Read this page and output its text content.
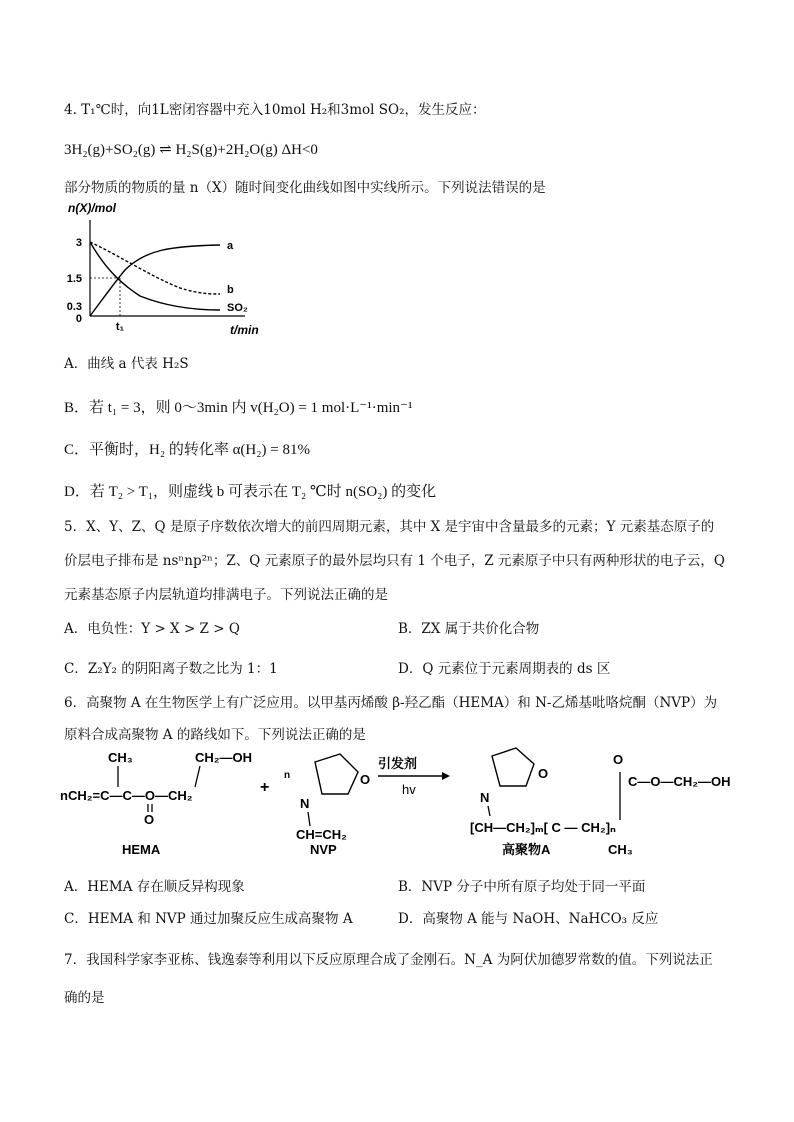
4. T₁℃时，向1L密闭容器中充入10mol H₂和3mol SO₂，发生反应：
3H₂(g)+SO₂(g) ⇌ H₂S(g)+2H₂O(g) ΔH<0
部分物质的物质的量 n（X）随时间变化曲线如图中实线所示。下列说法错误的是
n(X)/mol
3
1.5
0.3
0
t₁	t/min
a
b
SO₂
A．曲线 a 代表 H₂S
B．若 t₁ = 3，则 0～3min 内 v(H₂O) = 1 mol·L⁻¹·min⁻¹
C．平衡时，H₂ 的转化率 α(H₂) = 81%
D．若 T₂ > T₁，则虚线 b 可表示在 T₂ ℃时 n(SO₂) 的变化
5．X、Y、Z、Q 是原子序数依次增大的前四周期元素，其中 X 是宇宙中含量最多的元素；Y 元素基态原子的
价层电子排布是 nsⁿnp²ⁿ；Z、Q 元素原子的最外层均只有 1 个电子，Z 元素原子中只有两种形状的电子云，Q
元素基态原子内层轨道均排满电子。下列说法正确的是
A．电负性：Y > X > Z > Q	B．ZX 属于共价化合物
C．Z₂Y₂ 的阴阳离子数之比为 1：1	D．Q 元素位于元素周期表的 ds 区
6．高聚物 A 在生物医学上有广泛应用。以甲基丙烯酸 β-羟乙酯（HEMA）和 N-乙烯基吡咯烷酮（NVP）为
原料合成高聚物 A 的路线如下。下列说法正确的是
nCH₂=C—C—O—CH₂
CH₃
O
CH₂—OH
HEMA
+	O
N
n
CH=CH₂
NVP
引发剂
hv
O
N
[CH—CH₂]ₘ[ C — CH₂]ₙ
CH₃
O
C—O—CH₂—OH
高聚物A
A．HEMA 存在顺反异构现象	B．NVP 分子中所有原子均处于同一平面
C．HEMA 和 NVP 通过加聚反应生成高聚物 A	D．高聚物 A 能与 NaOH、NaHCO₃ 反应
7．我国科学家李亚栋、钱逸泰等利用以下反应原理合成了金刚石。N_A 为阿伏加德罗常数的值。下列说法正
确的是
